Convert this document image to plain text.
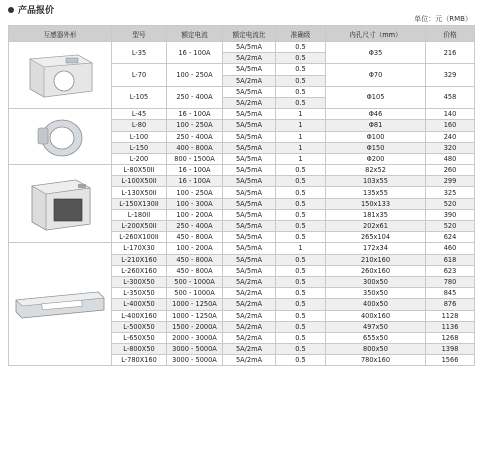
产品报价
单位：元（RMB）
互感器外形	型号	额定电流	额定电流比	准确级	内孔尺寸（mm）	价格

	L-35	16 - 100A	5A/5mA	0.5	Φ35	216
			5A/2mA	0.5		
	L-70	100 - 250A	5A/5mA	0.5	Φ70	329
			5A/2mA	0.5		
	L-105	250 - 400A	5A/5mA	0.5	Φ105	458
			5A/2mA	0.5		

	L-45	16 - 100A	5A/5mA	1	Φ46	140
	L-80	100 - 250A	5A/5mA	1	Φ81	160
	L-100	250 - 400A	5A/5mA	1	Φ100	240
	L-150	400 - 800A	5A/5mA	1	Φ150	320
	L-200	800 - 1500A	5A/5mA	1	Φ200	480

	L-80X50II	16 - 100A	5A/5mA	0.5	82x52	260
	L-100X50II	16 - 100A	5A/5mA	0.5	103x55	299
	L-130X50II	100 - 250A	5A/5mA	0.5	135x55	325
	L-150X130II	100 - 300A	5A/5mA	0.5	150x133	520
	L-180II	100 - 200A	5A/5mA	0.5	181x35	390
	L-200X50II	250 - 400A	5A/5mA	0.5	202x61	520
	L-260X100II	450 - 800A	5A/5mA	0.5	265x104	624

	L-170X30	100 - 200A	5A/5mA	1	172x34	460
	L-210X160	450 - 800A	5A/5mA	0.5	210x160	618
	L-260X160	450 - 800A	5A/5mA	0.5	260x160	623
	L-300X50	500 - 1000A	5A/2mA	0.5	300x50	780
	L-350X50	500 - 1000A	5A/2mA	0.5	350x50	845
	L-400X50	1000 - 1250A	5A/2mA	0.5	400x50	876
	L-400X160	1000 - 1250A	5A/2mA	0.5	400x160	1128
	L-500X50	1500 - 2000A	5A/2mA	0.5	497x50	1136
	L-650X50	2000 - 3000A	5A/2mA	0.5	655x50	1268
	L-800X50	3000 - 5000A	5A/2mA	0.5	800x50	1398
	L-780X160	3000 - 5000A	5A/2mA	0.5	780x160	1566
